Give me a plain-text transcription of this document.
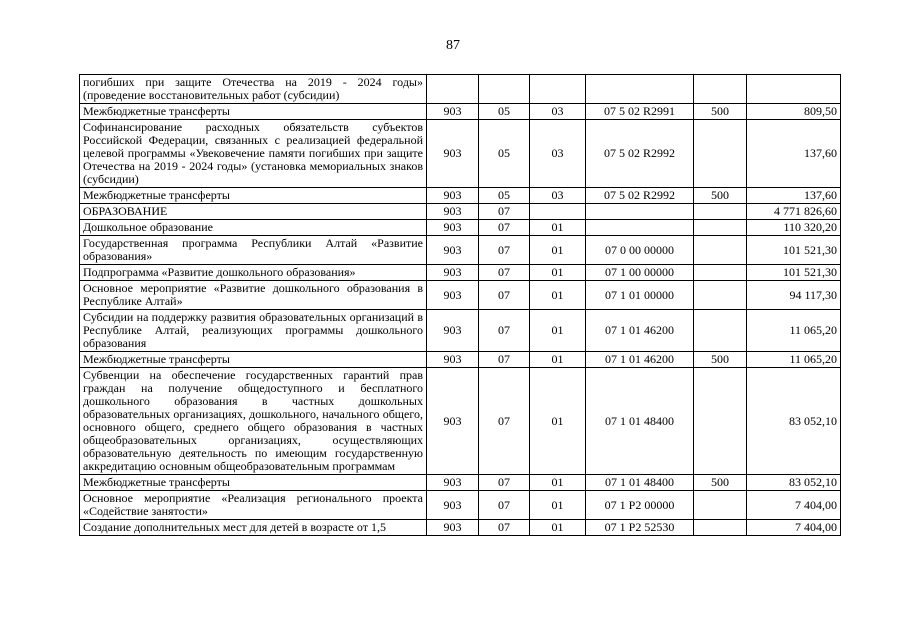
87
погибших при защите Отечества на 2019 - 2024 годы» (проведение восстановительных работ (субсидии)						
Межбюджетные трансферты	903	05	03	07 5 02 R2991	500	809,50
Софинансирование расходных обязательств субъектов Российской Федерации, связанных с реализацией федеральной целевой программы «Увековечение памяти погибших при защите Отечества на 2019 - 2024 годы» (установка мемориальных знаков (субсидии)	903	05	03	07 5 02 R2992		137,60
Межбюджетные трансферты	903	05	03	07 5 02 R2992	500	137,60
ОБРАЗОВАНИЕ	903	07				4 771 826,60
Дошкольное образование	903	07	01			110 320,20
Государственная программа Республики Алтай «Развитие образования»	903	07	01	07 0 00 00000		101 521,30
Подпрограмма «Развитие дошкольного образования»	903	07	01	07 1 00 00000		101 521,30
Основное мероприятие «Развитие дошкольного образования в Республике Алтай»	903	07	01	07 1 01 00000		94 117,30
Субсидии на поддержку развития образовательных организаций в Республике Алтай, реализующих программы дошкольного образования	903	07	01	07 1 01 46200		11 065,20
Межбюджетные трансферты	903	07	01	07 1 01 46200	500	11 065,20
Субвенции на обеспечение государственных гарантий прав граждан на получение общедоступного и бесплатного дошкольного образования в частных дошкольных образовательных организациях, дошкольного, начального общего, основного общего, среднего общего образования в частных общеобразовательных организациях, осуществляющих образовательную деятельность по имеющим государственную аккредитацию основным общеобразовательным программам	903	07	01	07 1 01 48400		83 052,10
Межбюджетные трансферты	903	07	01	07 1 01 48400	500	83 052,10
Основное мероприятие «Реализация регионального проекта «Содействие занятости»	903	07	01	07 1 P2 00000		7 404,00
Создание дополнительных мест для детей в возрасте от 1,5	903	07	01	07 1 P2 52530		7 404,00
